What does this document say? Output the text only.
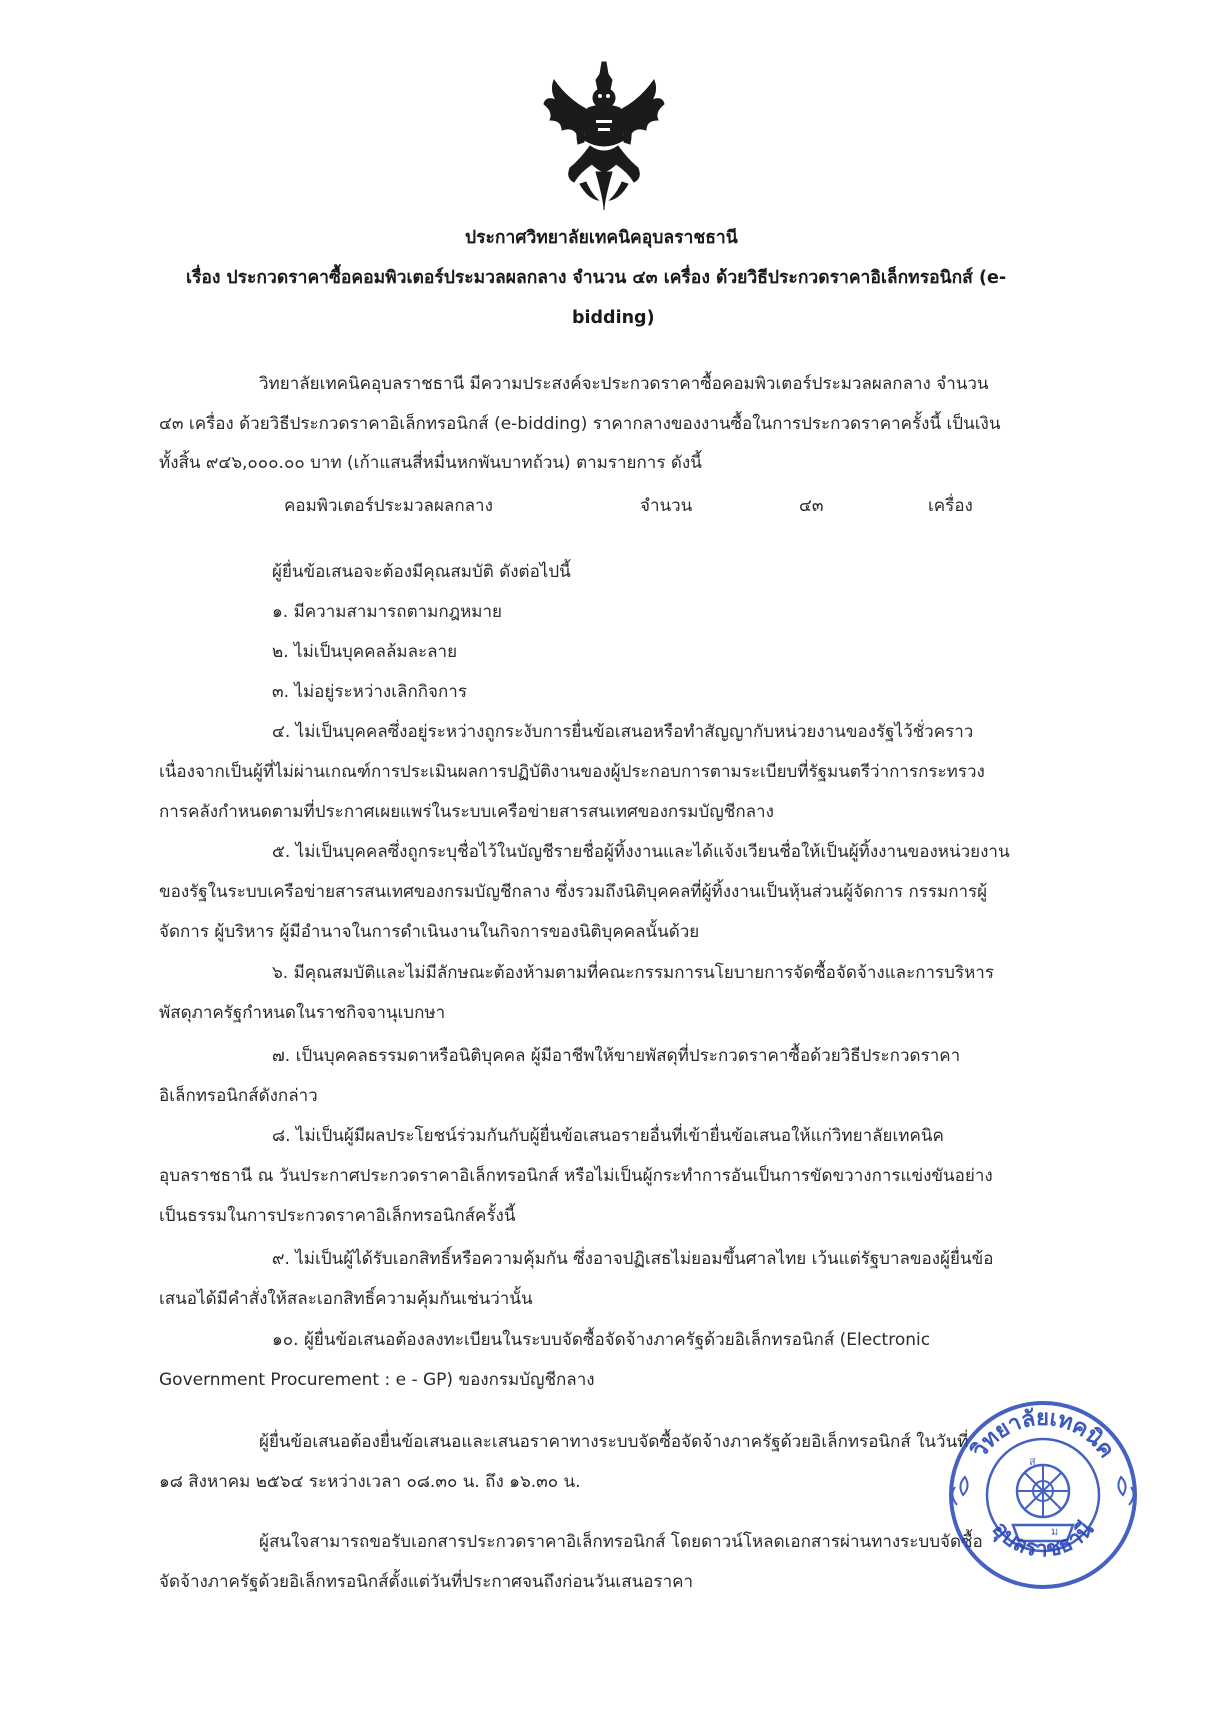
ประกาศวิทยาลัยเทคนิคอุบลราชธานี
เรื่อง ประกวดราคาซื้อคอมพิวเตอร์ประมวลผลกลาง จำนวน ๔๓ เครื่อง ด้วยวิธีประกวดราคาอิเล็กทรอนิกส์ (e-
bidding)
วิทยาลัยเทคนิคอุบลราชธานี มีความประสงค์จะประกวดราคาซื้อคอมพิวเตอร์ประมวลผลกลาง จำนวน
๔๓ เครื่อง ด้วยวิธีประกวดราคาอิเล็กทรอนิกส์ (e-bidding) ราคากลางของงานซื้อในการประกวดราคาครั้งนี้ เป็นเงิน
ทั้งสิ้น ๙๔๖,๐๐๐.๐๐ บาท (เก้าแสนสี่หมื่นหกพันบาทถ้วน) ตามรายการ ดังนี้
คอมพิวเตอร์ประมวลผลกลาง	จำนวน	๔๓	เครื่อง
ผู้ยื่นข้อเสนอจะต้องมีคุณสมบัติ ดังต่อไปนี้
๑. มีความสามารถตามกฎหมาย
๒. ไม่เป็นบุคคลล้มละลาย
๓. ไม่อยู่ระหว่างเลิกกิจการ
๔. ไม่เป็นบุคคลซึ่งอยู่ระหว่างถูกระงับการยื่นข้อเสนอหรือทำสัญญากับหน่วยงานของรัฐไว้ชั่วคราว
เนื่องจากเป็นผู้ที่ไม่ผ่านเกณฑ์การประเมินผลการปฏิบัติงานของผู้ประกอบการตามระเบียบที่รัฐมนตรีว่าการกระทรวง
การคลังกำหนดตามที่ประกาศเผยแพร่ในระบบเครือข่ายสารสนเทศของกรมบัญชีกลาง
๕. ไม่เป็นบุคคลซึ่งถูกระบุชื่อไว้ในบัญชีรายชื่อผู้ทิ้งงานและได้แจ้งเวียนชื่อให้เป็นผู้ทิ้งงานของหน่วยงาน
ของรัฐในระบบเครือข่ายสารสนเทศของกรมบัญชีกลาง ซึ่งรวมถึงนิติบุคคลที่ผู้ทิ้งงานเป็นหุ้นส่วนผู้จัดการ กรรมการผู้
จัดการ ผู้บริหาร ผู้มีอำนาจในการดำเนินงานในกิจการของนิติบุคคลนั้นด้วย
๖. มีคุณสมบัติและไม่มีลักษณะต้องห้ามตามที่คณะกรรมการนโยบายการจัดซื้อจัดจ้างและการบริหาร
พัสดุภาครัฐกำหนดในราชกิจจานุเบกษา
๗. เป็นบุคคลธรรมดาหรือนิติบุคคล ผู้มีอาชีพให้ขายพัสดุที่ประกวดราคาซื้อด้วยวิธีประกวดราคา
อิเล็กทรอนิกส์ดังกล่าว
๘. ไม่เป็นผู้มีผลประโยชน์ร่วมกันกับผู้ยื่นข้อเสนอรายอื่นที่เข้ายื่นข้อเสนอให้แก่วิทยาลัยเทคนิค
อุบลราชธานี ณ วันประกาศประกวดราคาอิเล็กทรอนิกส์ หรือไม่เป็นผู้กระทำการอันเป็นการขัดขวางการแข่งขันอย่าง
เป็นธรรมในการประกวดราคาอิเล็กทรอนิกส์ครั้งนี้
๙. ไม่เป็นผู้ได้รับเอกสิทธิ์หรือความคุ้มกัน ซึ่งอาจปฏิเสธไม่ยอมขึ้นศาลไทย เว้นแต่รัฐบาลของผู้ยื่นข้อ
เสนอได้มีคำสั่งให้สละเอกสิทธิ์ความคุ้มกันเช่นว่านั้น
๑๐. ผู้ยื่นข้อเสนอต้องลงทะเบียนในระบบจัดซื้อจัดจ้างภาครัฐด้วยอิเล็กทรอนิกส์ (Electronic
Government Procurement : e - GP) ของกรมบัญชีกลาง
ผู้ยื่นข้อเสนอต้องยื่นข้อเสนอและเสนอราคาทางระบบจัดซื้อจัดจ้างภาครัฐด้วยอิเล็กทรอนิกส์ ในวันที่
๑๘ สิงหาคม ๒๕๖๔ ระหว่างเวลา ๐๘.๓๐ น. ถึง ๑๖.๓๐ น.
ผู้สนใจสามารถขอรับเอกสารประกวดราคาอิเล็กทรอนิกส์ โดยดาวน์โหลดเอกสารผ่านทางระบบจัดซื้อ
จัดจ้างภาครัฐด้วยอิเล็กทรอนิกส์ตั้งแต่วันที่ประกาศจนถึงก่อนวันเสนอราคา
วิทยาลัยเทคนิค
อุบลราชธานี
ส
ม
